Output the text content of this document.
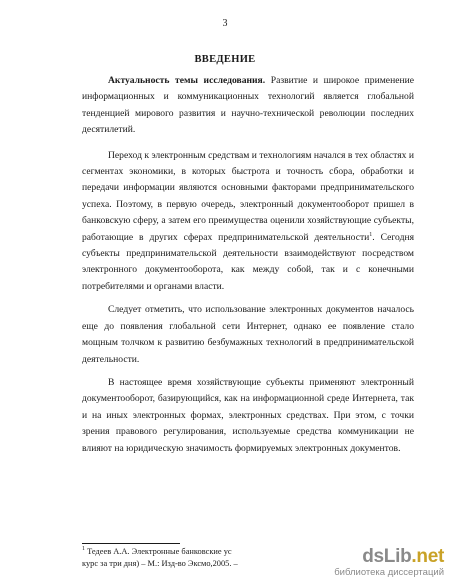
3
ВВЕДЕНИЕ

Актуальность темы исследования. Развитие и широкое применение информационных и коммуникационных технологий является глобальной тенденцией мирового развития и научно-технической революции последних десятилетий.

Переход к электронным средствам и технологиям начался в тех областях и сегментах экономики, в которых быстрота и точность сбора, обработки и передачи информации являются основными факторами предпринимательского успеха. Поэтому, в первую очередь, электронный документооборот пришел в банковскую сферу, а затем его преимущества оценили хозяйствующие субъекты, работающие в других сферах предпринимательской деятельности$^1$. Сегодня субъекты предпринимательской деятельности взаимодействуют посредством электронного документооборота, как между собой, так и с конечными потребителями и органами власти.

Следует отметить, что использование электронных документов началось еще до появления глобальной сети Интернет, однако ее появление стало мощным толчком к развитию безбумажных технологий в предпринимательской деятельности.

В настоящее время хозяйствующие субъекты применяют электронный документооборот, базирующийся, как на информационной среде Интернета, так и на иных электронных формах, электронных средствах. При этом, с точки зрения правового регулирования, используемые средства коммуникации не влияют на юридическую значимость формируемых электронных документов.

$^1$ Тедеев А.А. Электронные банковские ус
курс за три дня) – М.: Изд-во Эксмо,2005. –	dsLib.net
библиотека диссертаций
